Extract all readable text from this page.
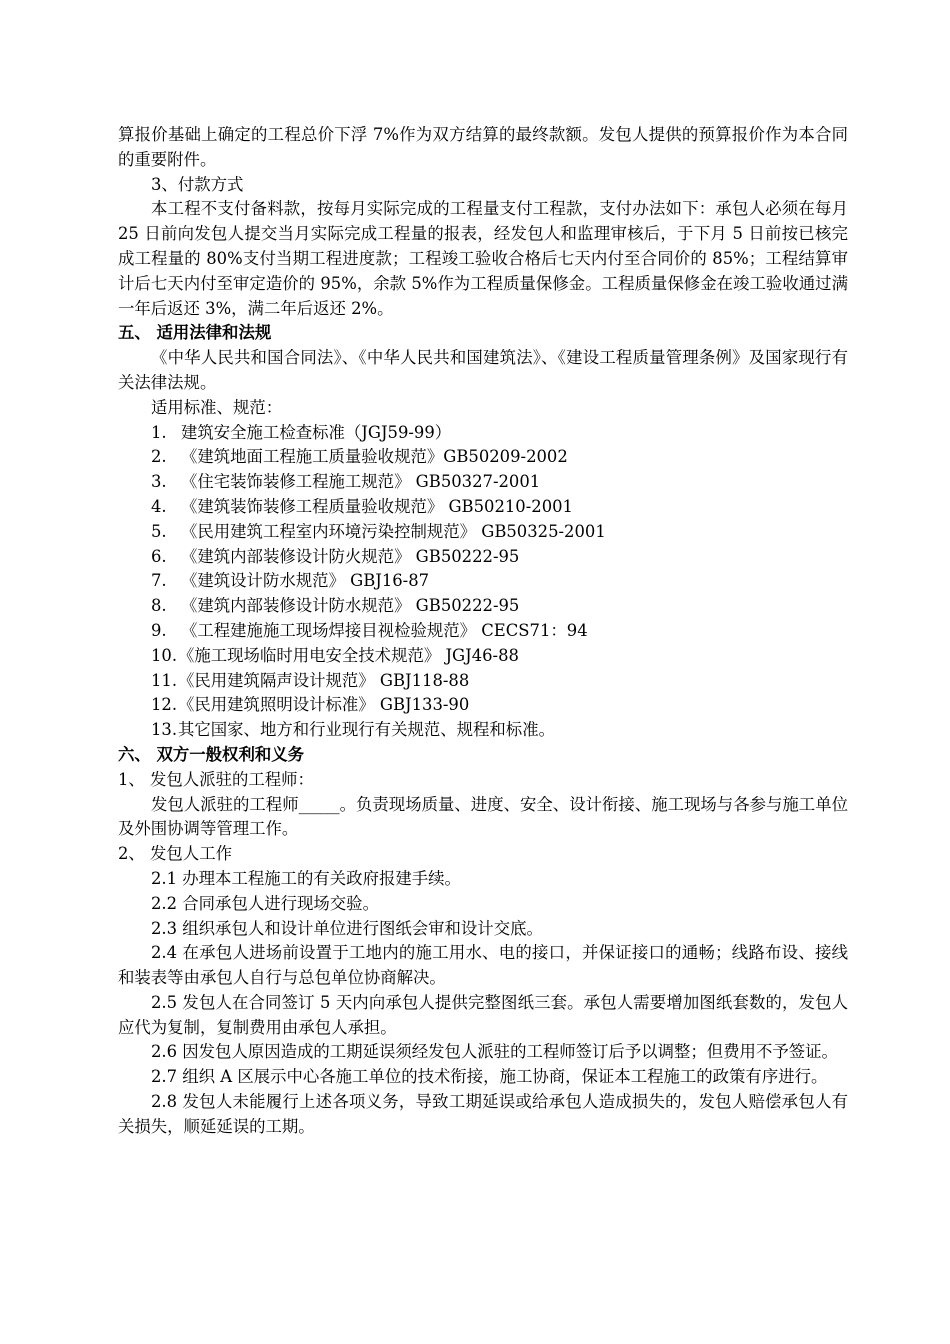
算报价基础上确定的工程总价下浮 7%作为双方结算的最终款额。发包人提供的预算报价作为本合同的重要附件。

3、付款方式

本工程不支付备料款，按每月实际完成的工程量支付工程款，支付办法如下：承包人必须在每月 25 日前向发包人提交当月实际完成工程量的报表，经发包人和监理审核后，于下月 5 日前按已核完成工程量的 80%支付当期工程进度款；工程竣工验收合格后七天内付至合同价的 85%；工程结算审计后七天内付至审定造价的 95%，余款 5%作为工程质量保修金。工程质量保修金在竣工验收通过满一年后返还 3%，满二年后返还 2%。

五、 适用法律和法规

《中华人民共和国合同法》、《中华人民共和国建筑法》、《建设工程质量管理条例》及国家现行有关法律法规。

适用标准、规范：

1. 建筑安全施工检查标准（JGJ59-99）
2. 《建筑地面工程施工质量验收规范》GB50209-2002
3. 《住宅装饰装修工程施工规范》 GB50327-2001
4. 《建筑装饰装修工程质量验收规范》 GB50210-2001
5. 《民用建筑工程室内环境污染控制规范》 GB50325-2001
6. 《建筑内部装修设计防火规范》 GB50222-95
7. 《建筑设计防水规范》 GBJ16-87
8. 《建筑内部装修设计防水规范》 GB50222-95
9. 《工程建施施工现场焊接目视检验规范》 CECS71：94
10.《施工现场临时用电安全技术规范》 JGJ46-88
11.《民用建筑隔声设计规范》 GBJ118-88
12.《民用建筑照明设计标准》 GBJ133-90
13.其它国家、地方和行业现行有关规范、规程和标准。

六、 双方一般权利和义务

1、 发包人派驻的工程师：

发包人派驻的工程师_____。负责现场质量、进度、安全、设计衔接、施工现场与各参与施工单位及外围协调等管理工作。

2、 发包人工作

2.1 办理本工程施工的有关政府报建手续。

2.2 合同承包人进行现场交验。

2.3 组织承包人和设计单位进行图纸会审和设计交底。

2.4 在承包人进场前设置于工地内的施工用水、电的接口，并保证接口的通畅；线路布设、接线和装表等由承包人自行与总包单位协商解决。

2.5 发包人在合同签订 5 天内向承包人提供完整图纸三套。承包人需要增加图纸套数的，发包人应代为复制，复制费用由承包人承担。

2.6 因发包人原因造成的工期延误须经发包人派驻的工程师签订后予以调整；但费用不予签证。

2.7 组织 A 区展示中心各施工单位的技术衔接，施工协商，保证本工程施工的政策有序进行。

2.8 发包人未能履行上述各项义务，导致工期延误或给承包人造成损失的，发包人赔偿承包人有关损失，顺延延误的工期。
